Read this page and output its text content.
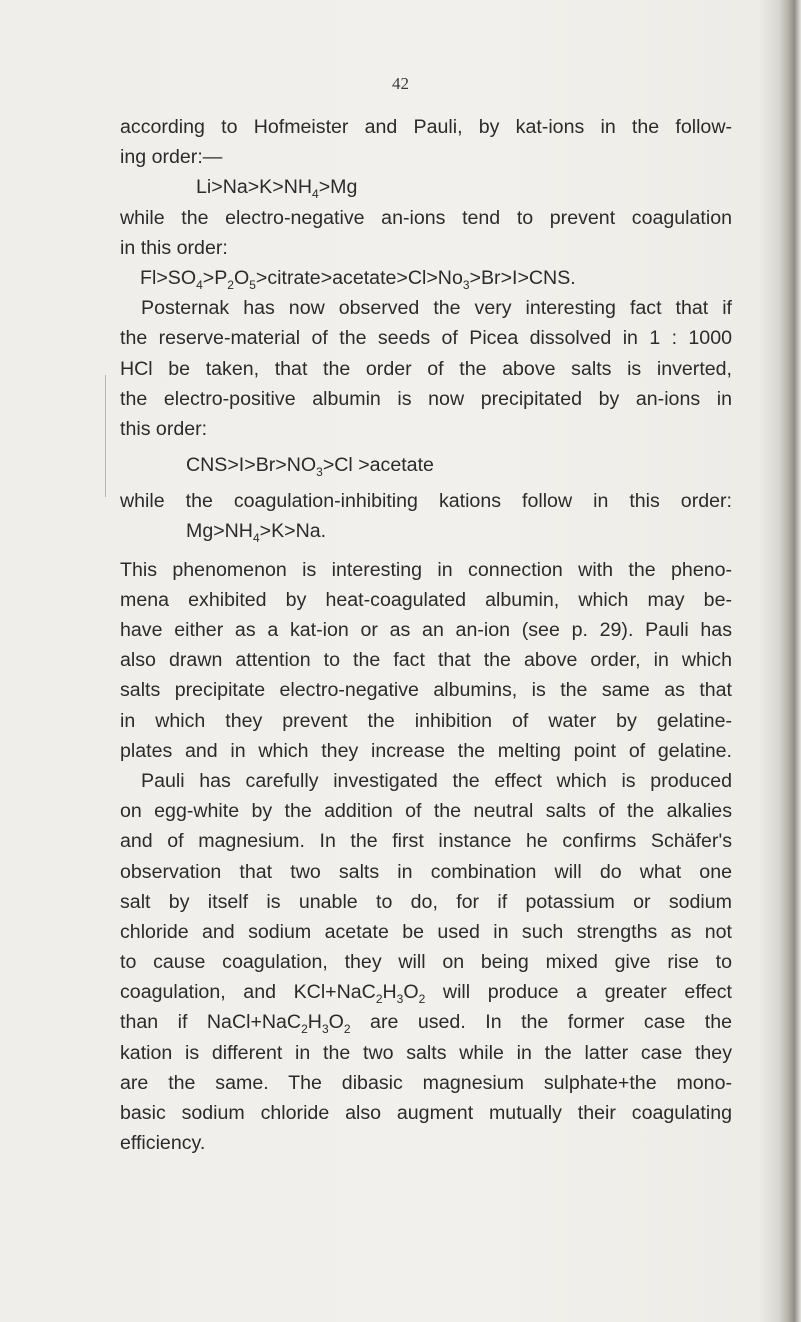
42
according to Hofmeister and Pauli, by kat-ions in the follow-
ing order:—
$Li>Na>K>NH_4>Mg$
while the electro-negative an-ions tend to prevent coagulation
in this order:
$Fl>SO_4>P_2O_5>citrate>acetate>Cl>No_3>Br>I>CNS$.
Posternak has now observed the very interesting fact that if
the reserve-material of the seeds of Picea dissolved in 1 : 1000
HCl be taken, that the order of the above salts is inverted,
the electro-positive albumin is now precipitated by an-ions in
this order:
$CNS>I>Br>NO_3>Cl$ >acetate
while the coagulation-inhibiting kations follow in this order:
$Mg>NH_4>K>Na$.
This phenomenon is interesting in connection with the pheno-
mena exhibited by heat-coagulated albumin, which may be-
have either as a kat-ion or as an an-ion (see p. 29). Pauli has
also drawn attention to the fact that the above order, in which
salts precipitate electro-negative albumins, is the same as that
in which they prevent the inhibition of water by gelatine-
plates and in which they increase the melting point of gelatine.
Pauli has carefully investigated the effect which is produced
on egg-white by the addition of the neutral salts of the alkalies
and of magnesium. In the first instance he confirms Schäfer's
observation that two salts in combination will do what one
salt by itself is unable to do, for if potassium or sodium
chloride and sodium acetate be used in such strengths as not
to cause coagulation, they will on being mixed give rise to
coagulation, and $KCl+NaC_2H_3O_2$ will produce a greater effect
than if $NaCl+NaC_2H_3O_2$ are used. In the former case the
kation is different in the two salts while in the latter case they
are the same. The dibasic magnesium sulphate+the mono-
basic sodium chloride also augment mutually their coagulating
efficiency.
